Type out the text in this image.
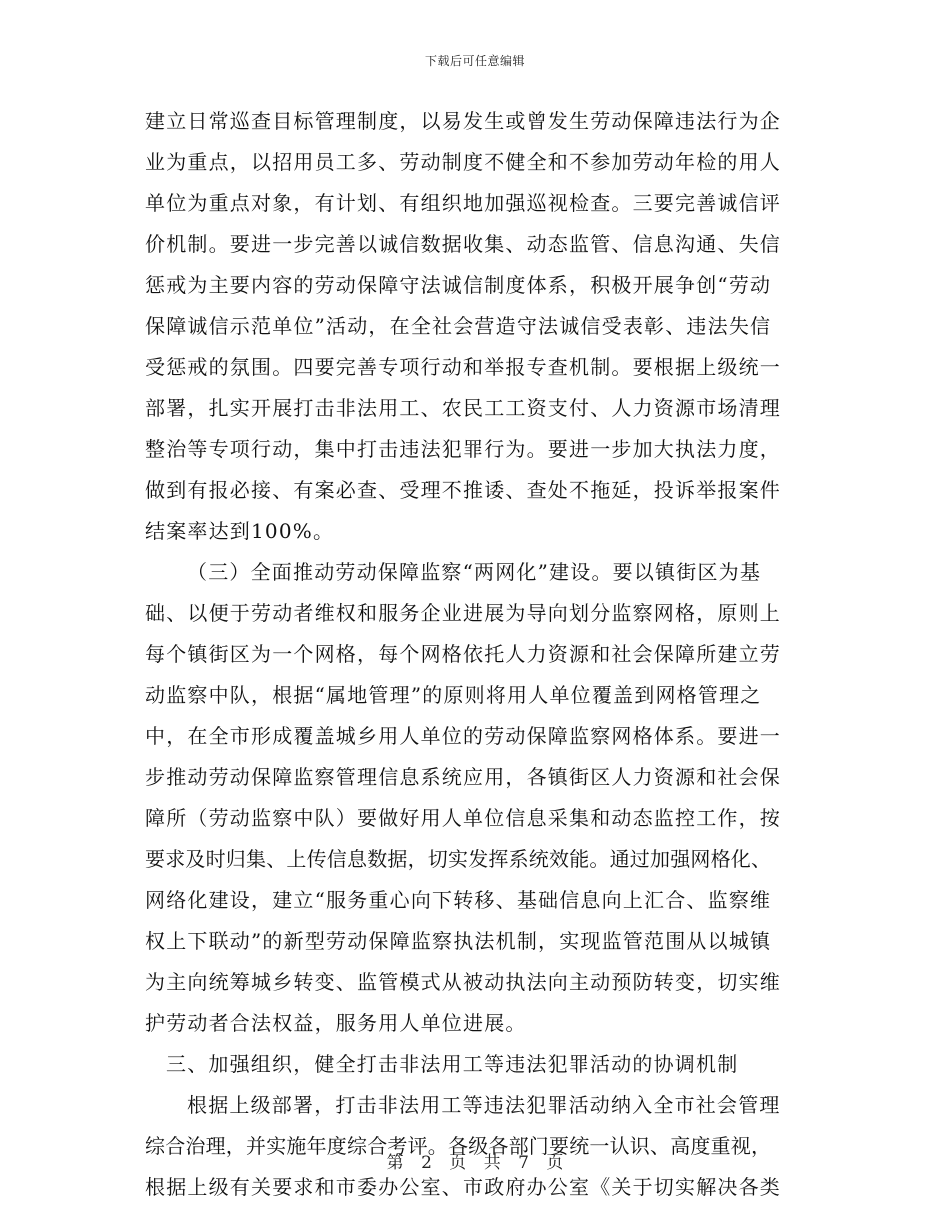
下载后可任意编辑
建立日常巡查目标管理制度，以易发生或曾发生劳动保障违法行为企
业为重点，以招用员工多、劳动制度不健全和不参加劳动年检的用人
单位为重点对象，有计划、有组织地加强巡视检查。三要完善诚信评
价机制。要进一步完善以诚信数据收集、动态监管、信息沟通、失信
惩戒为主要内容的劳动保障守法诚信制度体系，积极开展争创“劳动
保障诚信示范单位”活动，在全社会营造守法诚信受表彰、违法失信
受惩戒的氛围。四要完善专项行动和举报专查机制。要根据上级统一
部署，扎实开展打击非法用工、农民工工资支付、人力资源市场清理
整治等专项行动，集中打击违法犯罪行为。要进一步加大执法力度，
做到有报必接、有案必查、受理不推诿、查处不拖延，投诉举报案件
结案率达到100%。
（三）全面推动劳动保障监察“两网化”建设。要以镇街区为基
础、以便于劳动者维权和服务企业进展为导向划分监察网格，原则上
每个镇街区为一个网格，每个网格依托人力资源和社会保障所建立劳
动监察中队，根据“属地管理”的原则将用人单位覆盖到网格管理之
中，在全市形成覆盖城乡用人单位的劳动保障监察网格体系。要进一
步推动劳动保障监察管理信息系统应用，各镇街区人力资源和社会保
障所（劳动监察中队）要做好用人单位信息采集和动态监控工作，按
要求及时归集、上传信息数据，切实发挥系统效能。通过加强网格化、
网络化建设，建立“服务重心向下转移、基础信息向上汇合、监察维
权上下联动”的新型劳动保障监察执法机制，实现监管范围从以城镇
为主向统筹城乡转变、监管模式从被动执法向主动预防转变，切实维
护劳动者合法权益，服务用人单位进展。
三、加强组织，健全打击非法用工等违法犯罪活动的协调机制
根据上级部署，打击非法用工等违法犯罪活动纳入全市社会管理
综合治理，并实施年度综合考评。各级各部门要统一认识、高度重视，
根据上级有关要求和市委办公室、市政府办公室《关于切实解决各类
第 2 页 共 7 页
